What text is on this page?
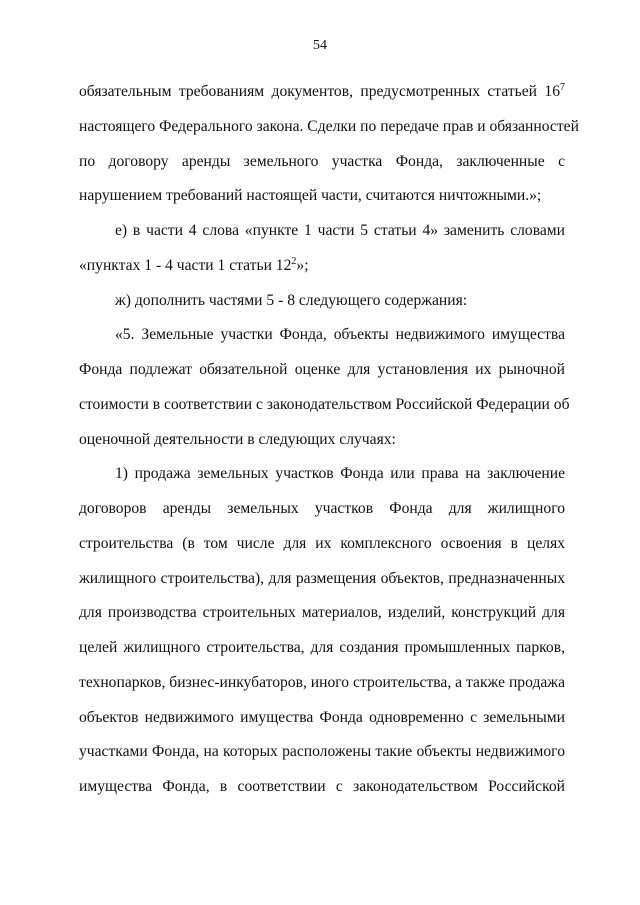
54
обязательным требованиям документов, предусмотренных статьей $16^7$
настоящего Федерального закона. Сделки по передаче прав и обязанностей
по договору аренды земельного участка Фонда, заключенные с
нарушением требований настоящей части, считаются ничтожными.»;
е) в части 4 слова «пункте 1 части 5 статьи 4» заменить словами
«пунктах 1 - 4 части 1 статьи $12^2$»;
ж) дополнить частями 5 - 8 следующего содержания:
«5. Земельные участки Фонда, объекты недвижимого имущества
Фонда подлежат обязательной оценке для установления их рыночной
стоимости в соответствии с законодательством Российской Федерации об
оценочной деятельности в следующих случаях:
1) продажа земельных участков Фонда или права на заключение
договоров аренды земельных участков Фонда для жилищного
строительства (в том числе для их комплексного освоения в целях
жилищного строительства), для размещения объектов, предназначенных
для производства строительных материалов, изделий, конструкций для
целей жилищного строительства, для создания промышленных парков,
технопарков, бизнес-инкубаторов, иного строительства, а также продажа
объектов недвижимого имущества Фонда одновременно с земельными
участками Фонда, на которых расположены такие объекты недвижимого
имущества Фонда, в соответствии с законодательством Российской
